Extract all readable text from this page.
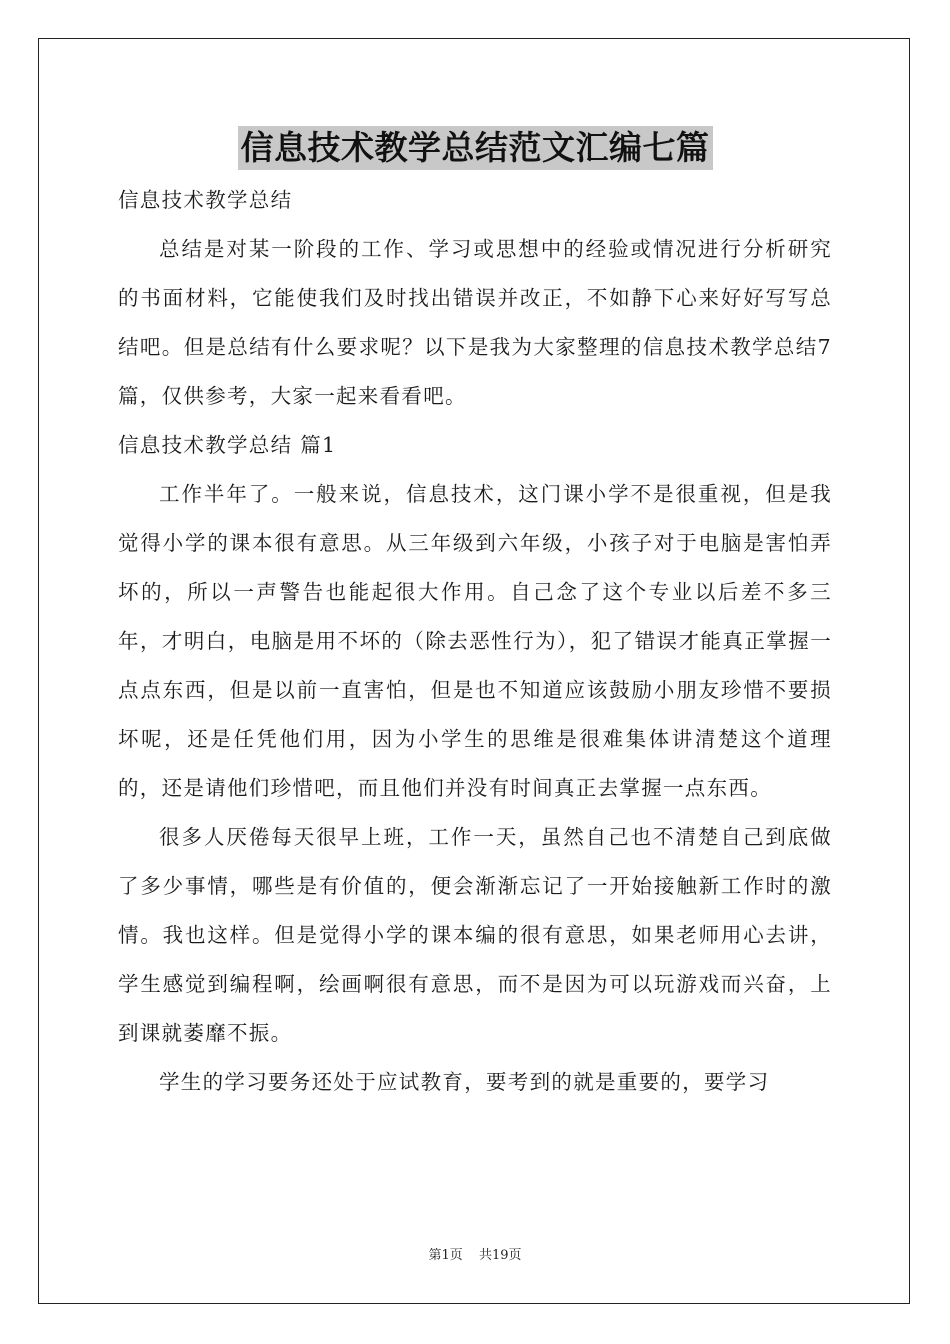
信息技术教学总结范文汇编七篇

信息技术教学总结

总结是对某一阶段的工作、学习或思想中的经验或情况进行分析研究的书面材料，它能使我们及时找出错误并改正，不如静下心来好好写写总结吧。但是总结有什么要求呢？以下是我为大家整理的信息技术教学总结7篇，仅供参考，大家一起来看看吧。

信息技术教学总结 篇1

工作半年了。一般来说，信息技术，这门课小学不是很重视，但是我觉得小学的课本很有意思。从三年级到六年级，小孩子对于电脑是害怕弄坏的，所以一声警告也能起很大作用。自己念了这个专业以后差不多三年，才明白，电脑是用不坏的（除去恶性行为），犯了错误才能真正掌握一点点东西，但是以前一直害怕，但是也不知道应该鼓励小朋友珍惜不要损坏呢，还是任凭他们用，因为小学生的思维是很难集体讲清楚这个道理的，还是请他们珍惜吧，而且他们并没有时间真正去掌握一点东西。

很多人厌倦每天很早上班，工作一天，虽然自己也不清楚自己到底做了多少事情，哪些是有价值的，便会渐渐忘记了一开始接触新工作时的激情。我也这样。但是觉得小学的课本编的很有意思，如果老师用心去讲，学生感觉到编程啊，绘画啊很有意思，而不是因为可以玩游戏而兴奋，上到课就萎靡不振。

学生的学习要务还处于应试教育，要考到的就是重要的，要学习

第1页 共19页
